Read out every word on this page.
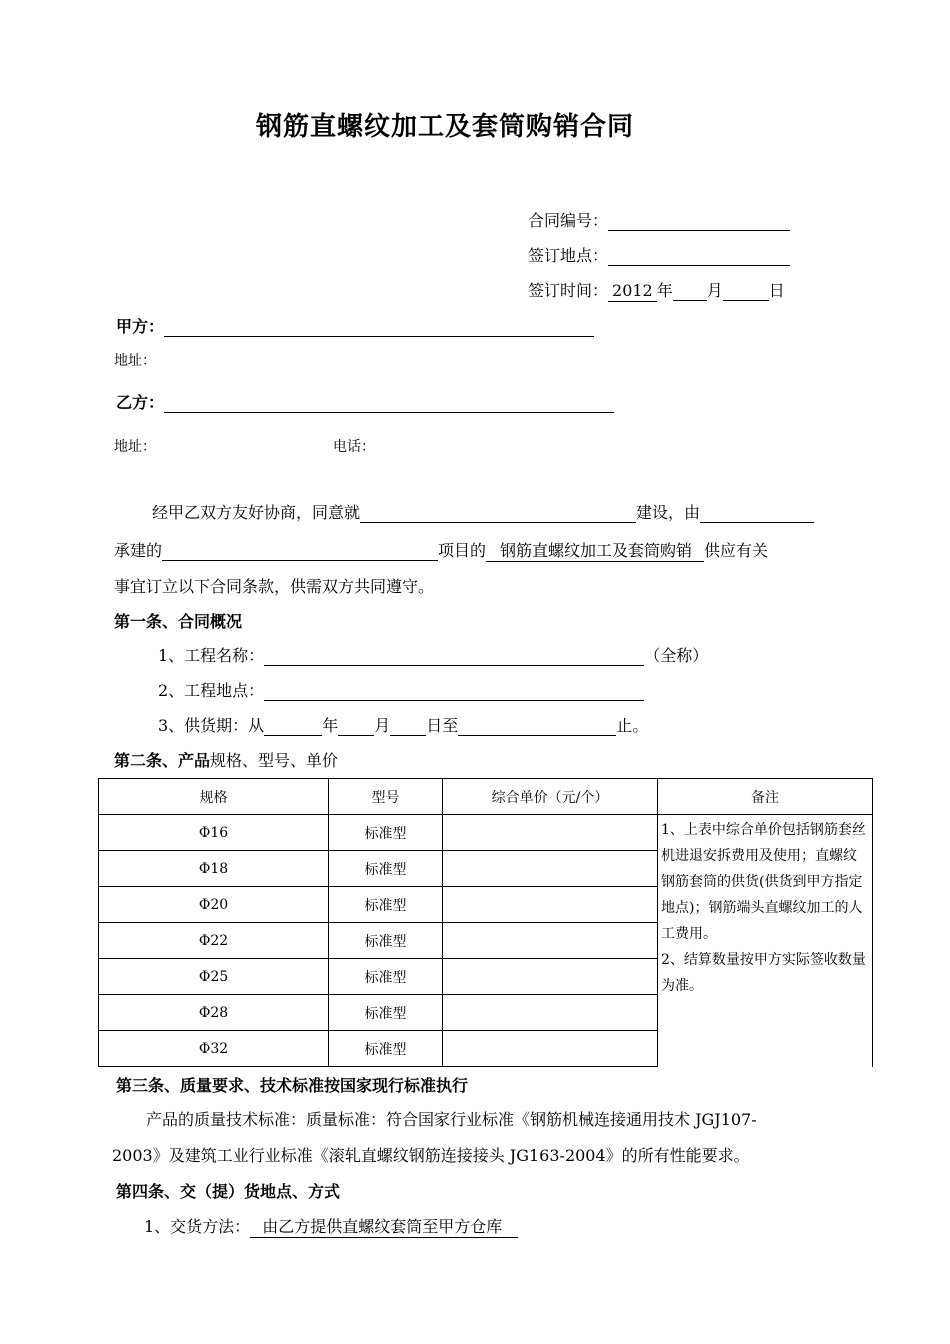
钢筋直螺纹加工及套筒购销合同
合同编号：
签订地点：
签订时间： 2012 年 月	日
甲方：
地址：
乙方：
地址：	电话：
经甲乙双方友好协商，同意就	建设，由
承建的	项目的 钢筋直螺纹加工及套筒购销 供应有关
事宜订立以下合同条款，供需双方共同遵守。
第一条、合同概况
1、工程名称：	（全称）
2、工程地点：
3、供货期：从	年 月 日至	止。
第二条、产品规格、型号、单价
规格	型号	综合单价（元/个）	备注
Φ16	标准型		1、上表中综合单价包括钢筋套丝机进退安拆费用及使用；直螺纹钢筋套筒的供货(供货到甲方指定地点)；钢筋端头直螺纹加工的人工费用。
2、结算数量按甲方实际签收数量为准。
Φ18	标准型		
Φ20	标准型		
Φ22	标准型		
Φ25	标准型		
Φ28	标准型		
Φ32	标准型		
第三条、质量要求、技术标准按国家现行标准执行
产品的质量技术标准：质量标准：符合国家行业标准《钢筋机械连接通用技术 JGJ107-
2003》及建筑工业行业标准《滚轧直螺纹钢筋连接接头 JG163-2004》的所有性能要求。
第四条、交（提）货地点、方式
1、交货方法： 由乙方提供直螺纹套筒至甲方仓库
